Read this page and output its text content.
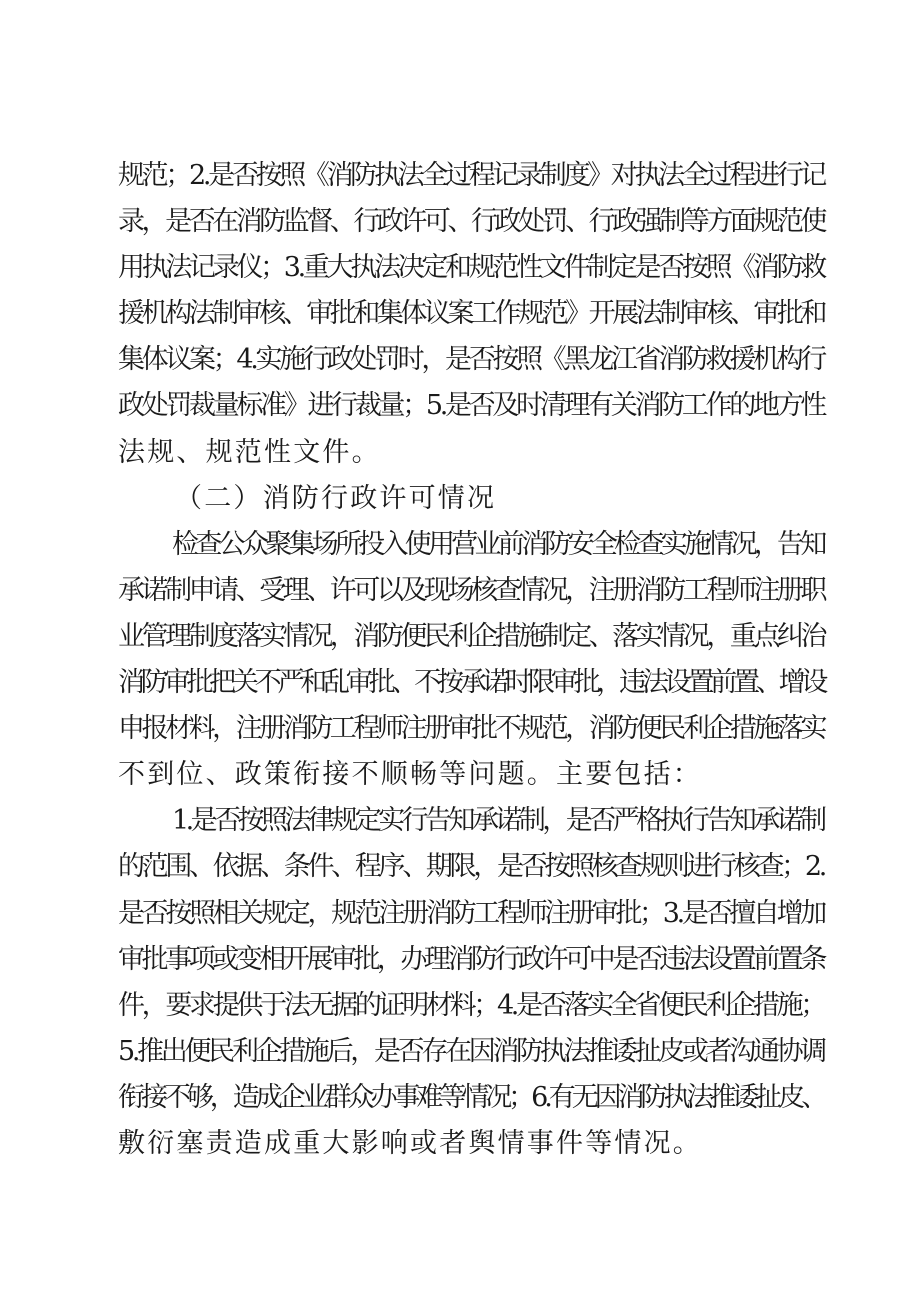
规范；2.是否按照《消防执法全过程记录制度》对执法全过程进行记
录，是否在消防监督、行政许可、行政处罚、行政强制等方面规范使
用执法记录仪；3.重大执法决定和规范性文件制定是否按照《消防救
援机构法制审核、审批和集体议案工作规范》开展法制审核、审批和
集体议案；4.实施行政处罚时，是否按照《黑龙江省消防救援机构行
政处罚裁量标准》进行裁量；5.是否及时清理有关消防工作的地方性
法规、规范性文件。
（二）消防行政许可情况
检查公众聚集场所投入使用营业前消防安全检查实施情况，告知
承诺制申请、受理、许可以及现场核查情况，注册消防工程师注册职
业管理制度落实情况，消防便民利企措施制定、落实情况，重点纠治
消防审批把关不严和乱审批、不按承诺时限审批，违法设置前置、增设
申报材料，注册消防工程师注册审批不规范，消防便民利企措施落实
不到位、政策衔接不顺畅等问题。主要包括：
1.是否按照法律规定实行告知承诺制，是否严格执行告知承诺制
的范围、依据、条件、程序、期限，是否按照核查规则进行核查；2.
是否按照相关规定，规范注册消防工程师注册审批；3.是否擅自增加
审批事项或变相开展审批，办理消防行政许可中是否违法设置前置条
件，要求提供于法无据的证明材料；4.是否落实全省便民利企措施；
5.推出便民利企措施后，是否存在因消防执法推诿扯皮或者沟通协调
衔接不够，造成企业群众办事难等情况；6.有无因消防执法推诿扯皮、
敷衍塞责造成重大影响或者舆情事件等情况。
